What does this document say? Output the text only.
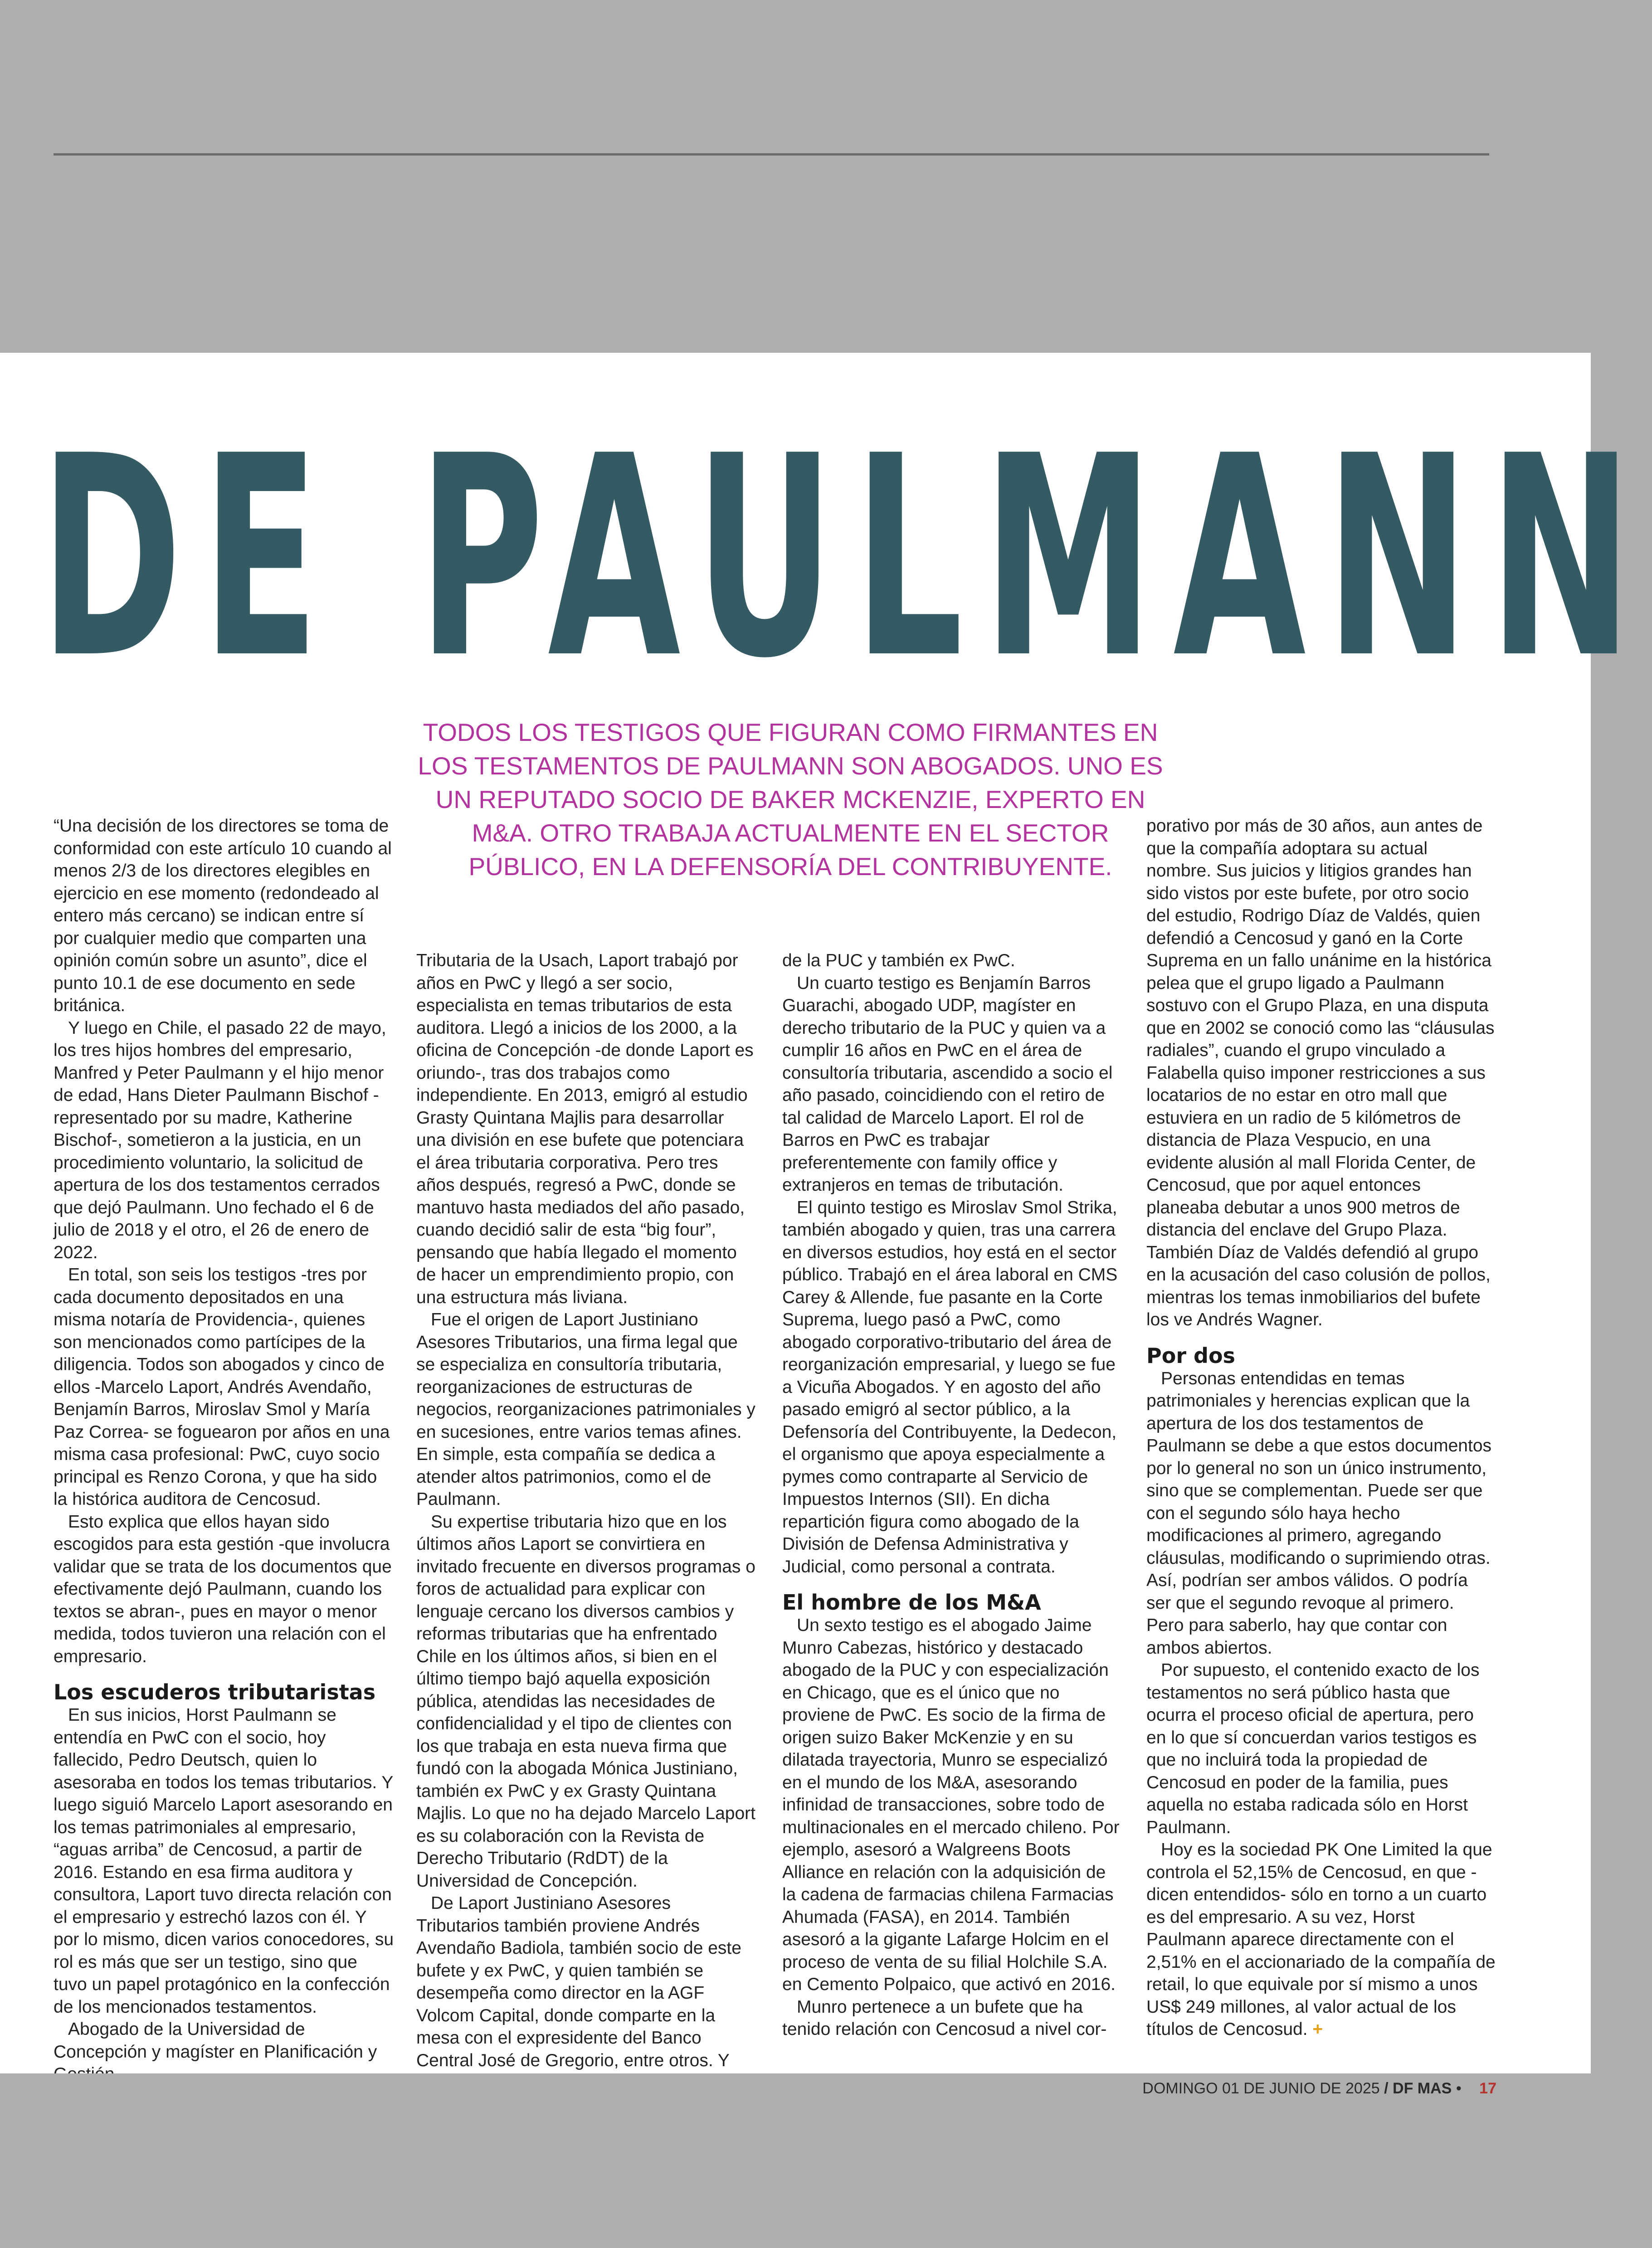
DE PAULMANN
TODOS LOS TESTIGOS QUE FIGURAN COMO FIRMANTES EN LOS TESTAMENTOS DE PAULMANN SON ABOGADOS. UNO ES UN REPUTADO SOCIO DE BAKER MCKENZIE, EXPERTO EN M&A. OTRO TRABAJA ACTUALMENTE EN EL SECTOR PÚBLICO, EN LA DEFENSORÍA DEL CONTRIBUYENTE.

“Una decisión de los directores se toma de conformidad con este artículo 10 cuando al menos 2/3 de los directores elegibles en ejercicio en ese momento (redondeado al entero más cercano) se indican entre sí por cualquier medio que comparten una opinión común sobre un asunto”, dice el punto 10.1 de ese documento en sede británica.

Y luego en Chile, el pasado 22 de mayo, los tres hijos hombres del empresario, Manfred y Peter Paulmann y el hijo menor de edad, Hans Dieter Paulmann Bischof -representado por su madre, Katherine Bischof-, sometieron a la justicia, en un procedimiento voluntario, la solicitud de apertura de los dos testamentos cerrados que dejó Paulmann. Uno fechado el 6 de julio de 2018 y el otro, el 26 de enero de 2022.

En total, son seis los testigos -tres por cada documento depositados en una misma notaría de Providencia-, quienes son mencionados como partícipes de la diligencia. Todos son abogados y cinco de ellos -Marcelo Laport, Andrés Avendaño, Benjamín Barros, Miroslav Smol y María Paz Correa- se foguearon por años en una misma casa profesional: PwC, cuyo socio principal es Renzo Corona, y que ha sido la histórica auditora de Cencosud.

Esto explica que ellos hayan sido escogidos para esta gestión -que involucra validar que se trata de los documentos que efectivamente dejó Paulmann, cuando los textos se abran-, pues en mayor o menor medida, todos tuvieron una relación con el empresario.

Los escuderos tributaristas

En sus inicios, Horst Paulmann se entendía en PwC con el socio, hoy fallecido, Pedro Deutsch, quien lo asesoraba en todos los temas tributarios. Y luego siguió Marcelo Laport asesorando en los temas patrimoniales al empresario, “aguas arriba” de Cencosud, a partir de 2016. Estando en esa firma auditora y consultora, Laport tuvo directa relación con el empresario y estrechó lazos con él. Y por lo mismo, dicen varios conocedores, su rol es más que ser un testigo, sino que tuvo un papel protagónico en la confección de los mencionados testamentos.

Abogado de la Universidad de Concepción y magíster en Planificación y

Tributaria de la Usach, Laport trabajó por años en PwC y llegó a ser socio, especialista en temas tributarios de esta auditora. Llegó a inicios de los 2000, a la oficina de Concepción -de donde Laport es oriundo-, tras dos trabajos como independiente. En 2013, emigró al estudio Grasty Quintana Majlis para desarrollar una división en ese bufete que potenciara el área tributaria corporativa. Pero tres años después, regresó a PwC, donde se mantuvo hasta mediados del año pasado, cuando decidió salir de esta “big four”, pensando que había llegado el momento de hacer un emprendimiento propio, con una estructura más liviana.

Fue el origen de Laport Justiniano Asesores Tributarios, una firma legal que se especializa en consultoría tributaria, reorganizaciones de estructuras de negocios, reorganizaciones patrimoniales y en sucesiones, entre varios temas afines. En simple, esta compañía se dedica a atender altos patrimonios, como el de Paulmann.

Su expertise tributaria hizo que en los últimos años Laport se convirtiera en invitado frecuente en diversos programas o foros de actualidad para explicar con lenguaje cercano los diversos cambios y reformas tributarias que ha enfrentado Chile en los últimos años, si bien en el último tiempo bajó aquella exposición pública, atendidas las necesidades de confidencialidad y el tipo de clientes con los que trabaja en esta nueva firma que fundó con la abogada Mónica Justiniano, también ex PwC y ex Grasty Quintana Majlis. Lo que no ha dejado Marcelo Laport es su colaboración con la Revista de Derecho Tributario (RdDT) de la Universidad de Concepción.

De Laport Justiniano Asesores Tributarios también proviene Andrés Avendaño Badiola, también socio de este bufete y ex PwC, y quien también se desempeña como director en la AGF Volcom Capital, donde comparte en la mesa con el expresidente del Banco Central José de Gregorio, entre otros. Y

de la PUC y también ex PwC.

Un cuarto testigo es Benjamín Barros Guarachi, abogado UDP, magíster en derecho tributario de la PUC y quien va a cumplir 16 años en PwC en el área de consultoría tributaria, ascendido a socio el año pasado, coincidiendo con el retiro de tal calidad de Marcelo Laport. El rol de Barros en PwC es trabajar preferentemente con family office y extranjeros en temas de tributación.

El quinto testigo es Miroslav Smol Strika, también abogado y quien, tras una carrera en diversos estudios, hoy está en el sector público. Trabajó en el área laboral en CMS Carey & Allende, fue pasante en la Corte Suprema, luego pasó a PwC, como abogado corporativo-tributario del área de reorganización empresarial, y luego se fue a Vicuña Abogados. Y en agosto del año pasado emigró al sector público, a la Defensoría del Contribuyente, la Dedecon, el organismo que apoya especialmente a pymes como contraparte al Servicio de Impuestos Internos (SII). En dicha repartición figura como abogado de la División de Defensa Administrativa y Judicial, como personal a contrata.

El hombre de los M&A

Un sexto testigo es el abogado Jaime Munro Cabezas, histórico y destacado abogado de la PUC y con especialización en Chicago, que es el único que no proviene de PwC. Es socio de la firma de origen suizo Baker McKenzie y en su dilatada trayectoria, Munro se especializó en el mundo de los M&A, asesorando infinidad de transacciones, sobre todo de multinacionales en el mercado chileno. Por ejemplo, asesoró a Walgreens Boots Alliance en relación con la adquisición de la cadena de farmacias chilena Farmacias Ahumada (FASA), en 2014. También asesoró a la gigante Lafarge Holcim en el proceso de venta de su filial Holchile S.A. en Cemento Polpaico, que activó en 2016.

Munro pertenece a un bufete que ha tenido relación con Cencosud a nivel cor-

porativo por más de 30 años, aun antes de que la compañía adoptara su actual nombre. Sus juicios y litigios grandes han sido vistos por este bufete, por otro socio del estudio, Rodrigo Díaz de Valdés, quien defendió a Cencosud y ganó en la Corte Suprema en un fallo unánime en la histórica pelea que el grupo ligado a Paulmann sostuvo con el Grupo Plaza, en una disputa que en 2002 se conoció como las “cláusulas radiales”, cuando el grupo vinculado a Falabella quiso imponer restricciones a sus locatarios de no estar en otro mall que estuviera en un radio de 5 kilómetros de distancia de Plaza Vespucio, en una evidente alusión al mall Florida Center, de Cencosud, que por aquel entonces planeaba debutar a unos 900 metros de distancia del enclave del Grupo Plaza. También Díaz de Valdés defendió al grupo en la acusación del caso colusión de pollos, mientras los temas inmobiliarios del bufete los ve Andrés Wagner.

Por dos

Personas entendidas en temas patrimoniales y herencias explican que la apertura de los dos testamentos de Paulmann se debe a que estos documentos por lo general no son un único instrumento, sino que se complementan. Puede ser que con el segundo sólo haya hecho modificaciones al primero, agregando cláusulas, modificando o suprimiendo otras. Así, podrían ser ambos válidos. O podría ser que el segundo revoque al primero. Pero para saberlo, hay que contar con ambos abiertos.

Por supuesto, el contenido exacto de los testamentos no será público hasta que ocurra el proceso oficial de apertura, pero en lo que sí concuerdan varios testigos es que no incluirá toda la propiedad de Cencosud en poder de la familia, pues aquella no estaba radicada sólo en Horst Paulmann.

Hoy es la sociedad PK One Limited la que controla el 52,15% de Cencosud, en que -dicen entendidos- sólo en torno a un cuarto es del empresario. A su vez, Horst Paulmann aparece directamente con el 2,51% en el accionariado de la compañía de retail, lo que equivale por sí mismo a unos US$ 249 millones, al valor actual de los títulos de Cencosud. +

DOMINGO 01 DE JUNIO DE 2025 / DF MAS • 17
